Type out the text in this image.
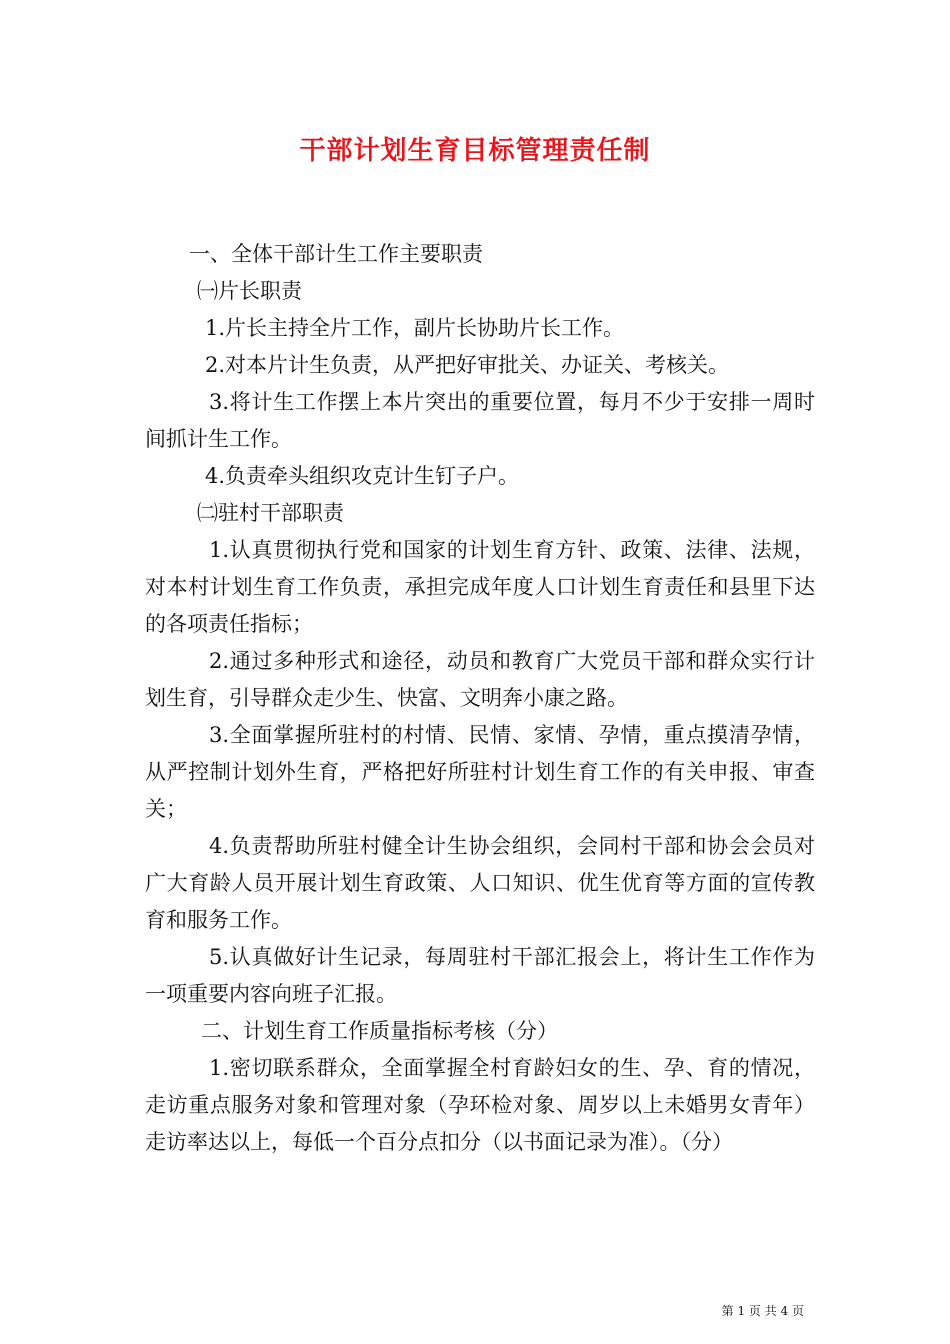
干部计划生育目标管理责任制
一、全体干部计生工作主要职责
㈠片长职责
1.片长主持全片工作，副片长协助片长工作。
2.对本片计生负责，从严把好审批关、办证关、考核关。
3.将计生工作摆上本片突出的重要位置，每月不少于安排一周时间抓计生工作。
4.负责牵头组织攻克计生钉子户。
㈡驻村干部职责
1.认真贯彻执行党和国家的计划生育方针、政策、法律、法规，对本村计划生育工作负责，承担完成年度人口计划生育责任和县里下达的各项责任指标；
2.通过多种形式和途径，动员和教育广大党员干部和群众实行计划生育，引导群众走少生、快富、文明奔小康之路。
3.全面掌握所驻村的村情、民情、家情、孕情，重点摸清孕情，从严控制计划外生育，严格把好所驻村计划生育工作的有关申报、审查关；
4.负责帮助所驻村健全计生协会组织，会同村干部和协会会员对广大育龄人员开展计划生育政策、人口知识、优生优育等方面的宣传教育和服务工作。
5.认真做好计生记录，每周驻村干部汇报会上，将计生工作作为一项重要内容向班子汇报。
二、计划生育工作质量指标考核（分）
1.密切联系群众，全面掌握全村育龄妇女的生、孕、育的情况，走访重点服务对象和管理对象（孕环检对象、周岁以上未婚男女青年）走访率达以上，每低一个百分点扣分（以书面记录为准）。（分）
第 1 页 共 4 页
